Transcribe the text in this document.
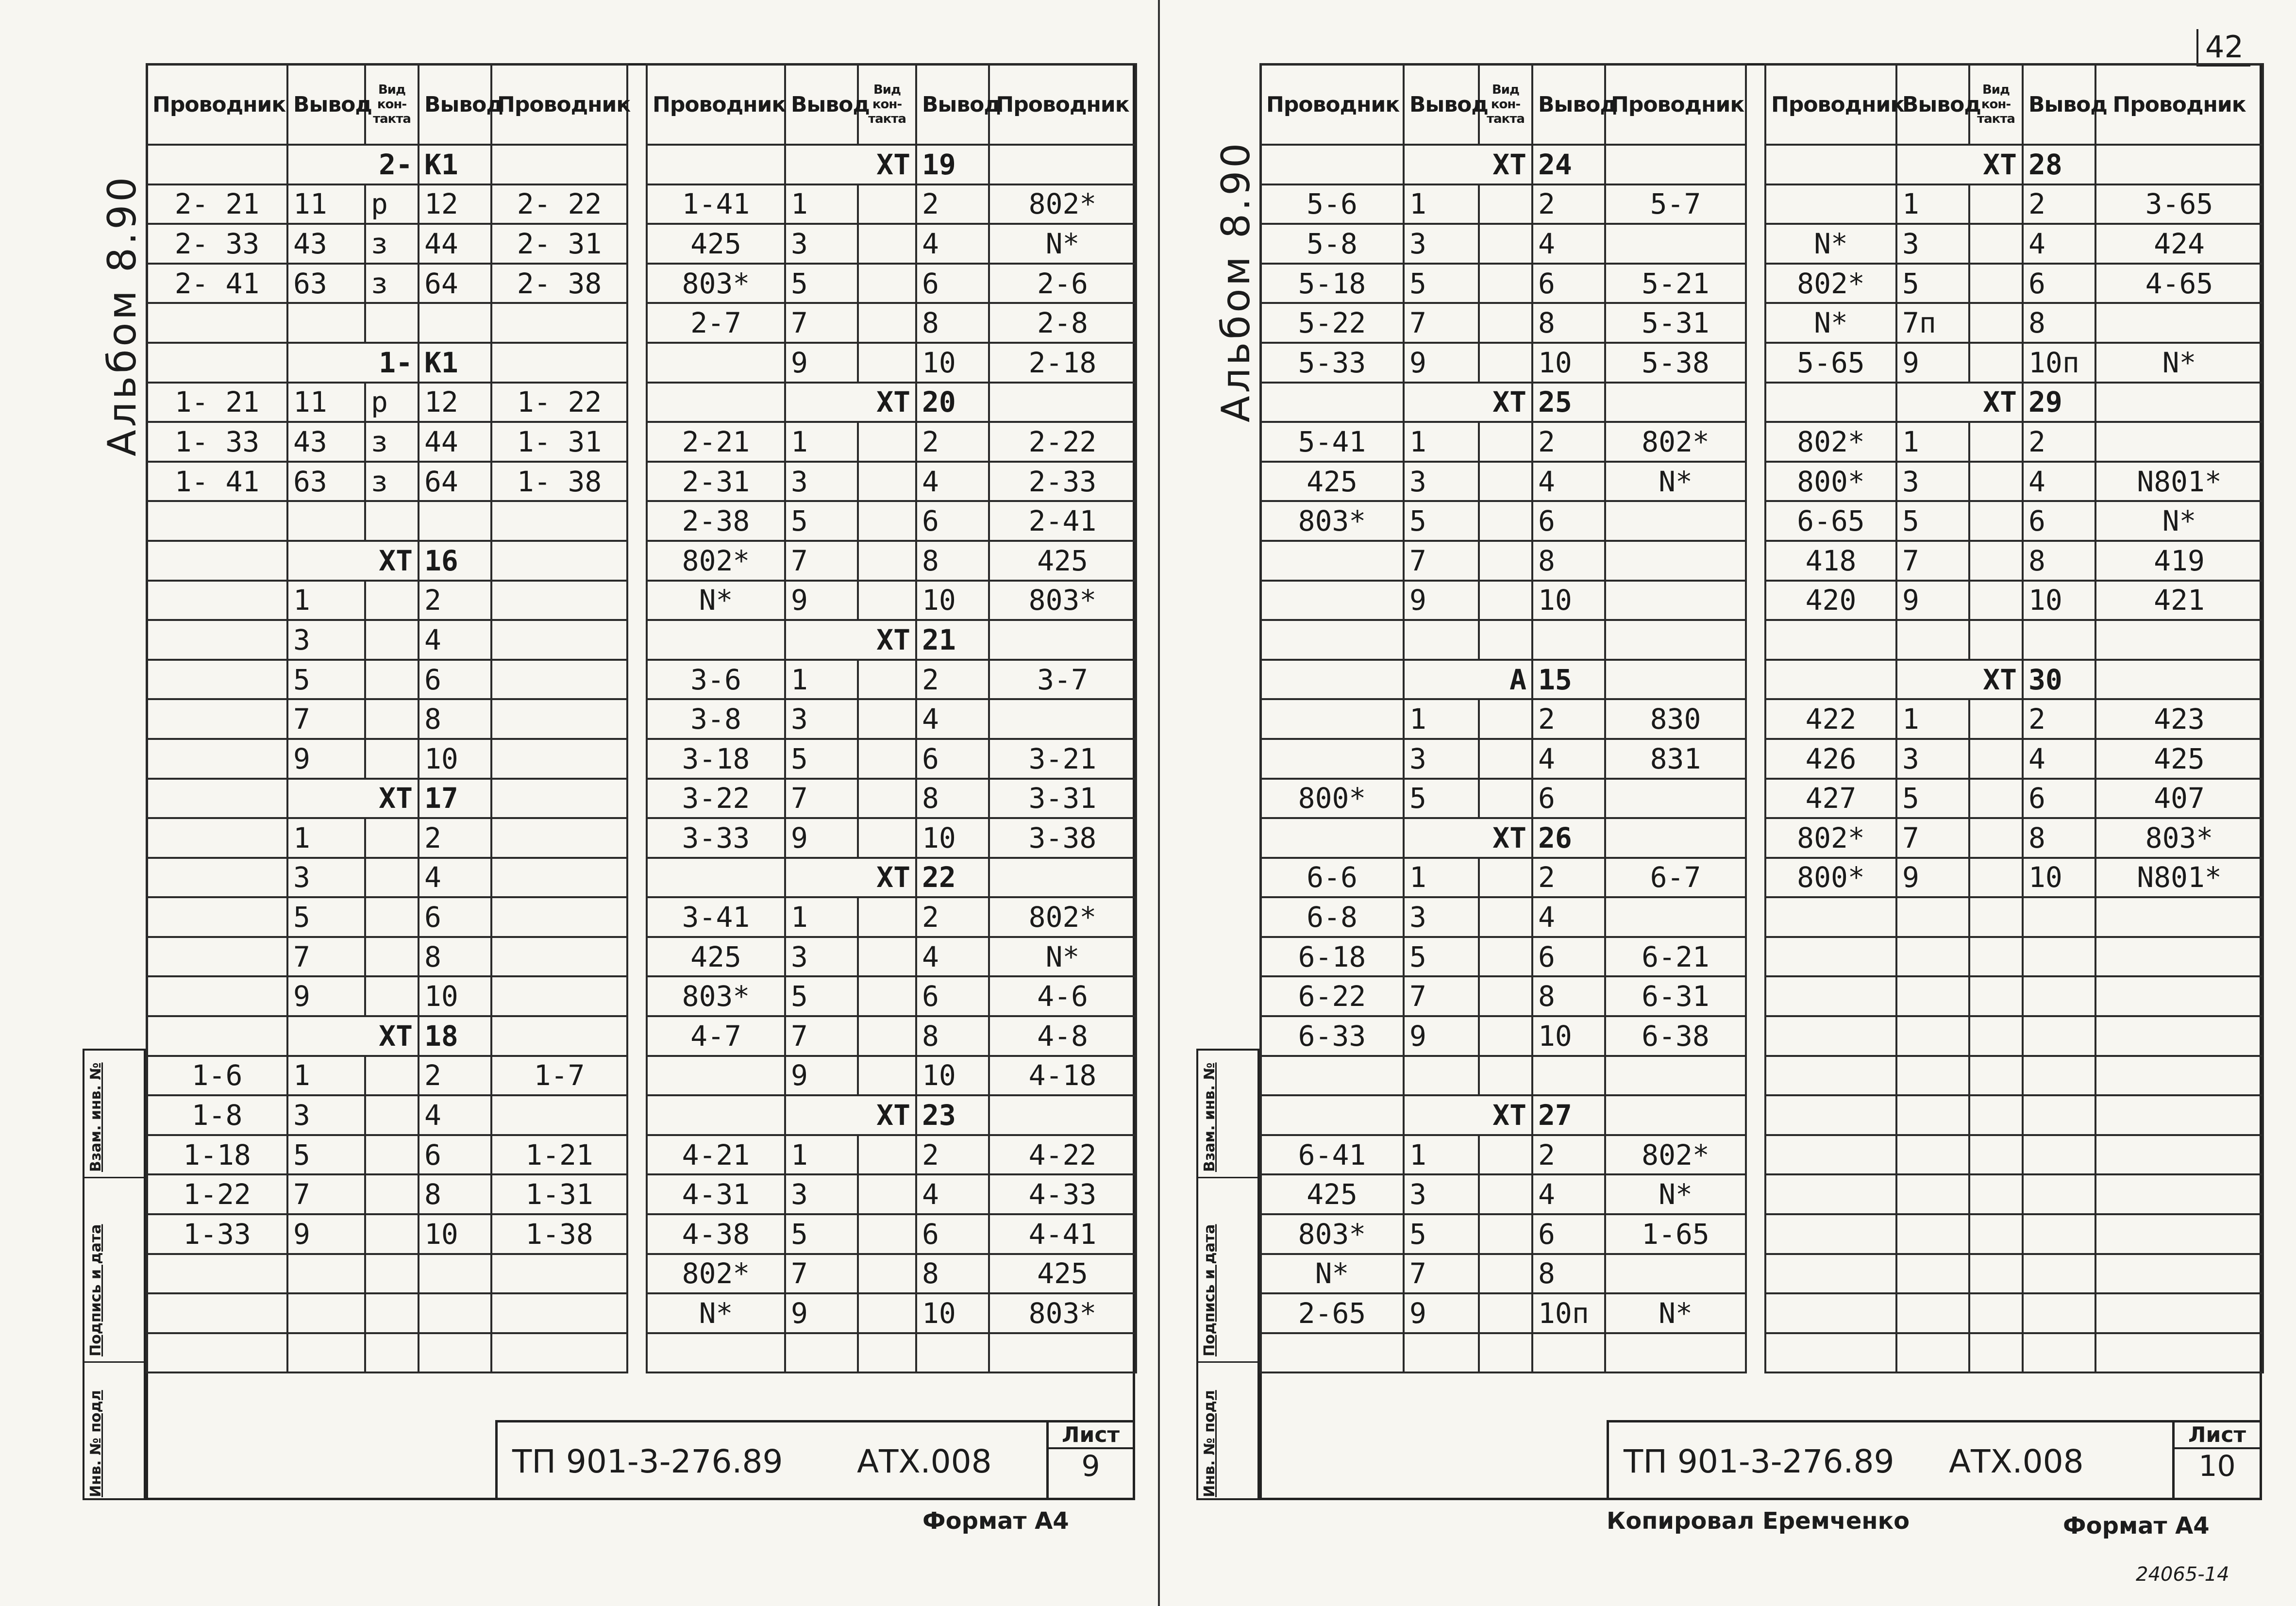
Альбом 8.90
Инв. № подл
Подпись и дата
Взам. инв. №
Проводник	Вывод	Вид кон-такта	Вывод	Проводник	
	2-		К1		
2- 21	11	р	12	2- 22	
2- 33	43	з	44	2- 31	
2- 41	63	з	64	2- 38	

	1-		К1		
1- 21	11	р	12	1- 22	
1- 33	43	з	44	1- 31	
1- 41	63	з	64	1- 38	

	ХТ		16		
	1		2		
	3		4		
	5		6		
	7		8		
	9		10		
	ХТ		17		
	1		2		
	3		4		
	5		6		
	7		8		
	9		10		
	ХТ		18		
1-6	1		2	1-7	
1-8	3		4		
1-18	5		6	1-21	
1-22	7		8	1-31	
1-33	9		10	1-38	

Проводник	Вывод	Вид кон-такта	Вывод	Проводник	
	ХТ		19		
1-41	1		2	802*	
425	3		4	N*	
803*	5		6	2-6	
2-7	7		8	2-8	
	9		10	2-18	
	ХТ		20		
2-21	1		2	2-22	
2-31	3		4	2-33	
2-38	5		6	2-41	
802*	7		8	425	
N*	9		10	803*	
	ХТ		21		
3-6	1		2	3-7	
3-8	3		4		
3-18	5		6	3-21	
3-22	7		8	3-31	
3-33	9		10	3-38	
	ХТ		22		
3-41	1		2	802*	
425	3		4	N*	
803*	5		6	4-6	
4-7	7		8	4-8	
	9		10	4-18	
	ХТ		23		
4-21	1		2	4-22	
4-31	3		4	4-33	
4-38	5		6	4-41	
802*	7		8	425	
N*	9		10	803*	

ТП 901-3-276.89 АТХ.008
Лист
9
Формат А4
42
Альбом 8.90
Инв. № подл
Подпись и дата
Взам. инв. №
Проводник	Вывод	Вид кон-такта	Вывод	Проводник	
	ХТ		24		
5-6	1		2	5-7	
5-8	3		4		
5-18	5		6	5-21	
5-22	7		8	5-31	
5-33	9		10	5-38	
	ХТ		25		
5-41	1		2	802*	
425	3		4	N*	
803*	5		6		
	7		8		
	9		10		

	А		15		
	1		2	830	
	3		4	831	
800*	5		6		
	ХТ		26		
6-6	1		2	6-7	
6-8	3		4		
6-18	5		6	6-21	
6-22	7		8	6-31	
6-33	9		10	6-38	

	ХТ		27		
6-41	1		2	802*	
425	3		4	N*	
803*	5		6	1-65	
N*	7		8		
2-65	9		10п	N*	

Проводник	Вывод	Вид кон-такта	Вывод	Проводник	
	ХТ		28		
	1		2	3-65	
N*	3		4	424	
802*	5		6	4-65	
N*	7п		8		
5-65	9		10п	N*	
	ХТ		29		
802*	1		2		
800*	3		4	N801*	
6-65	5		6	N*	
418	7		8	419	
420	9		10	421	

	ХТ		30		
422	1		2	423	
426	3		4	425	
427	5		6	407	
802*	7		8	803*	
800*	9		10	N801*	

ТП 901-3-276.89 АТХ.008
Лист
10
Копировал Еремченко	Формат А4
24065-14
